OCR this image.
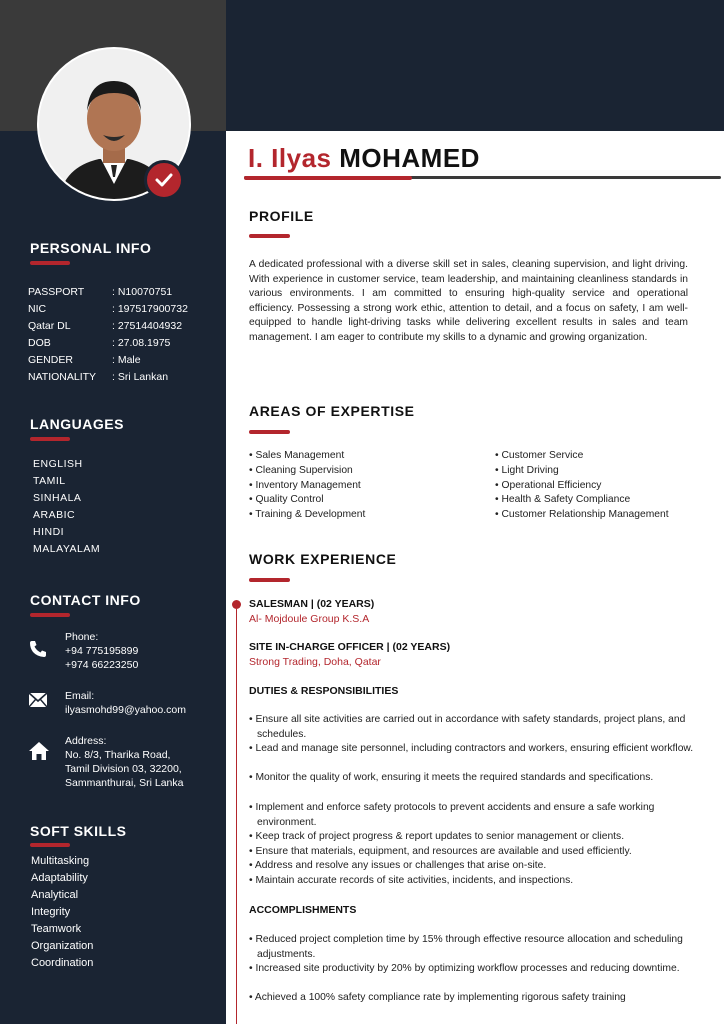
PERSONAL INFO
PASSPORT	: N10070751
NIC	: 197517900732
Qatar DL	: 27514404932
DOB	: 27.08.1975
GENDER	: Male
NATIONALITY	: Sri Lankan
LANGUAGES
ENGLISH
TAMIL
SINHALA
ARABIC
HINDI
MALAYALAM
CONTACT INFO
Phone:
+94 775195899
+974 66223250
Email:
ilyasmohd99@yahoo.com
Address:
No. 8/3, Tharika Road,
Tamil Division 03, 32200,
Sammanthurai, Sri Lanka
SOFT SKILLS
Multitasking
Adaptability
Analytical
Integrity
Teamwork
Organization
Coordination
I. Ilyas MOHAMED
PROFILE
A dedicated professional with a diverse skill set in sales, cleaning supervision, and light driving. With experience in customer service, team leadership, and maintaining cleanliness standards in various environments. I am committed to ensuring high-quality service and operational efficiency. Possessing a strong work ethic, attention to detail, and a focus on safety, I am well-equipped to handle light-driving tasks while delivering excellent results in sales and team management. I am eager to contribute my skills to a dynamic and growing organization.
AREAS OF EXPERTISE
• Sales Management
• Cleaning Supervision
• Inventory Management
• Quality Control
• Training & Development
• Customer Service
• Light Driving
• Operational Efficiency
• Health & Safety Compliance
• Customer Relationship Management
WORK EXPERIENCE
SALESMAN | (02 YEARS)
Al- Mojdoule Group K.S.A
SITE IN-CHARGE OFFICER | (02 YEARS)
Strong Trading, Doha, Qatar
DUTIES & RESPONSIBILITIES
• Ensure all site activities are carried out in accordance with safety standards, project plans, and schedules.
• Lead and manage site personnel, including contractors and workers, ensuring efficient workflow.
• Monitor the quality of work, ensuring it meets the required standards and specifications.
• Implement and enforce safety protocols to prevent accidents and ensure a safe working environment.
• Keep track of project progress & report updates to senior management or clients.
• Ensure that materials, equipment, and resources are available and used efficiently.
• Address and resolve any issues or challenges that arise on-site.
• Maintain accurate records of site activities, incidents, and inspections.
ACCOMPLISHMENTS
• Reduced project completion time by 15% through effective resource allocation and scheduling adjustments.
• Increased site productivity by 20% by optimizing workflow processes and reducing downtime.
• Achieved a 100% safety compliance rate by implementing rigorous safety training
